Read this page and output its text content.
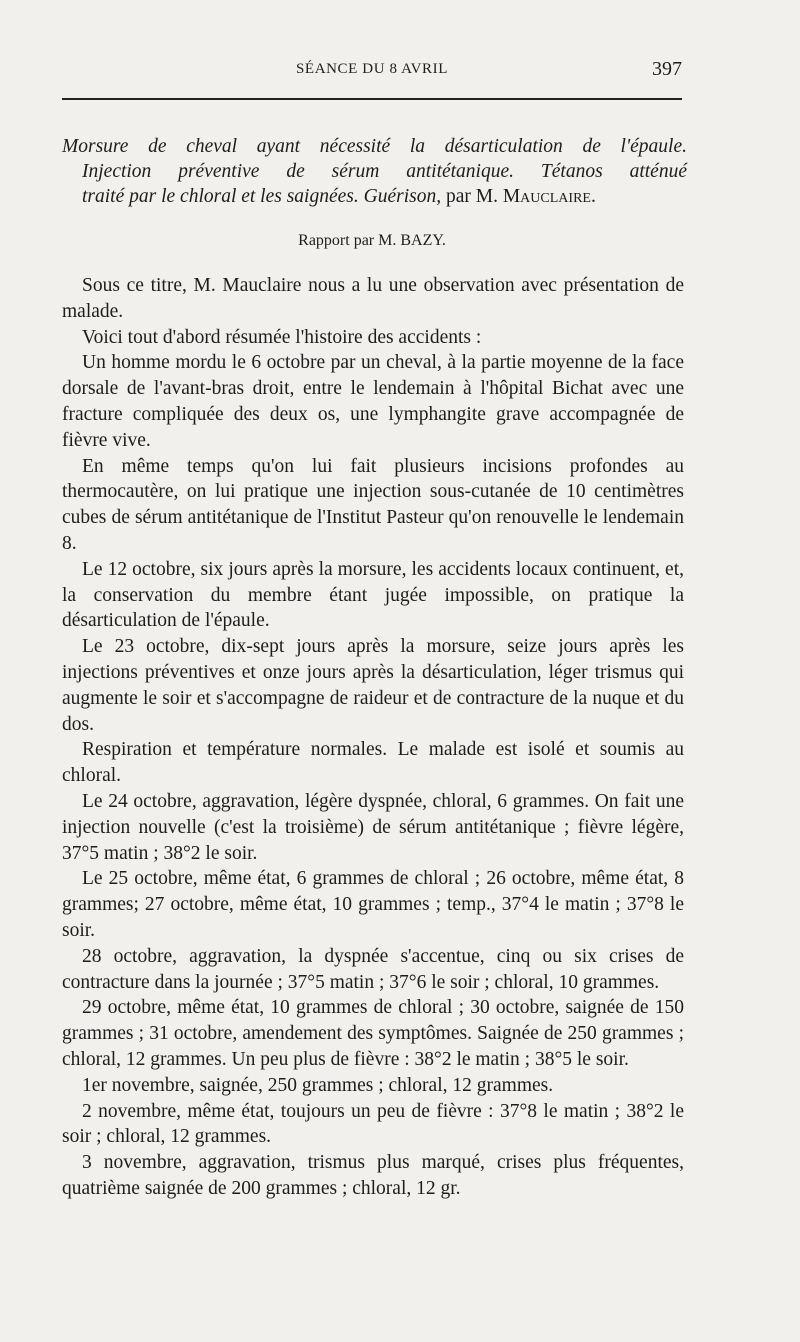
SÉANCE DU 8 AVRIL	397
Morsure de cheval ayant nécessité la désarticulation de l'épaule.
Injection préventive de sérum antitétanique. Tétanos atténué
traité par le chloral et les saignées. Guérison, par M. Mauclaire.
Rapport par M. BAZY.

Sous ce titre, M. Mauclaire nous a lu une observation avec présentation de malade.

Voici tout d'abord résumée l'histoire des accidents :

Un homme mordu le 6 octobre par un cheval, à la partie moyenne de la face dorsale de l'avant-bras droit, entre le lendemain à l'hôpital Bichat avec une fracture compliquée des deux os, une lymphangite grave accompagnée de fièvre vive.

En même temps qu'on lui fait plusieurs incisions profondes au thermocautère, on lui pratique une injection sous-cutanée de 10 centimètres cubes de sérum antitétanique de l'Institut Pasteur qu'on renouvelle le lendemain 8.

Le 12 octobre, six jours après la morsure, les accidents locaux continuent, et, la conservation du membre étant jugée impossible, on pratique la désarticulation de l'épaule.

Le 23 octobre, dix-sept jours après la morsure, seize jours après les injections préventives et onze jours après la désarticulation, léger trismus qui augmente le soir et s'accompagne de raideur et de contracture de la nuque et du dos.

Respiration et température normales. Le malade est isolé et soumis au chloral.

Le 24 octobre, aggravation, légère dyspnée, chloral, 6 grammes. On fait une injection nouvelle (c'est la troisième) de sérum antitétanique ; fièvre légère, 37°5 matin ; 38°2 le soir.

Le 25 octobre, même état, 6 grammes de chloral ; 26 octobre, même état, 8 grammes; 27 octobre, même état, 10 grammes ; temp., 37°4 le matin ; 37°8 le soir.

28 octobre, aggravation, la dyspnée s'accentue, cinq ou six crises de contracture dans la journée ; 37°5 matin ; 37°6 le soir ; chloral, 10 grammes.

29 octobre, même état, 10 grammes de chloral ; 30 octobre, saignée de 150 grammes ; 31 octobre, amendement des symptômes. Saignée de 250 grammes ; chloral, 12 grammes. Un peu plus de fièvre : 38°2 le matin ; 38°5 le soir.

1er novembre, saignée, 250 grammes ; chloral, 12 grammes.

2 novembre, même état, toujours un peu de fièvre : 37°8 le matin ; 38°2 le soir ; chloral, 12 grammes.

3 novembre, aggravation, trismus plus marqué, crises plus fréquentes, quatrième saignée de 200 grammes ; chloral, 12 gr.
